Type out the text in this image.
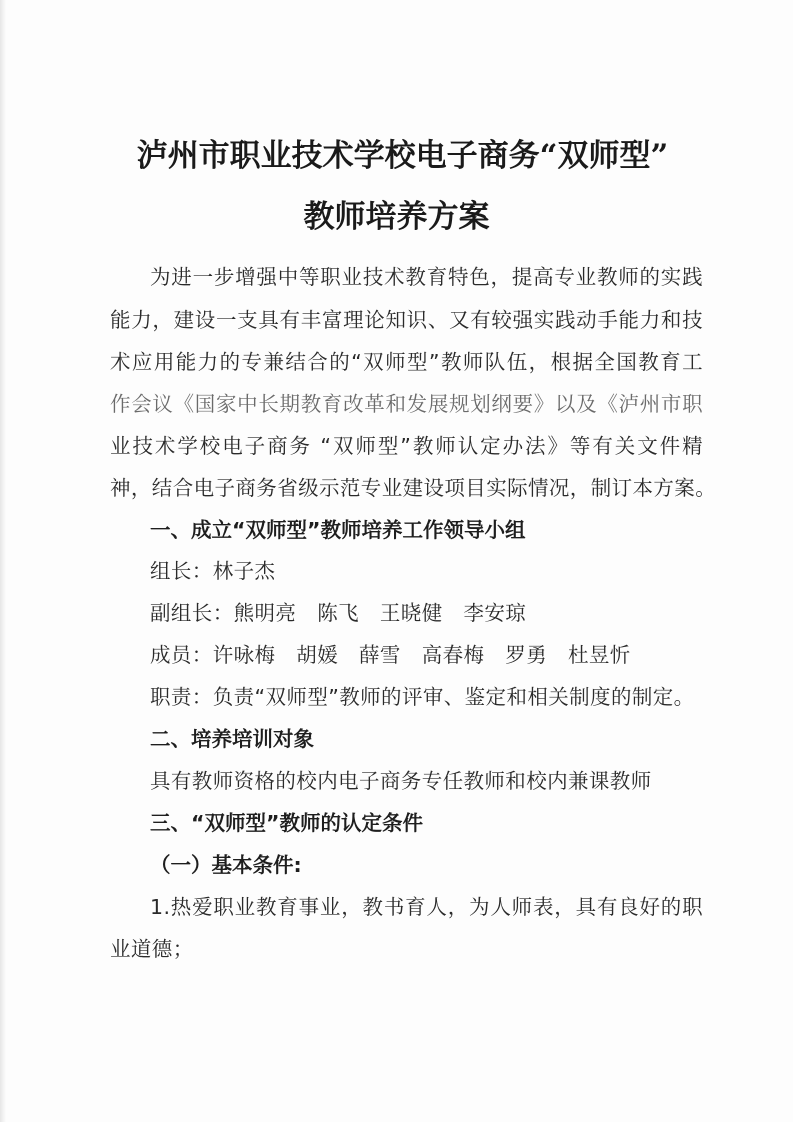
泸州市职业技术学校电子商务“双师型”
教师培养方案
为进一步增强中等职业技术教育特色，提高专业教师的实践
能力，建设一支具有丰富理论知识、又有较强实践动手能力和技
术应用能力的专兼结合的“双师型”教师队伍，根据全国教育工
作会议《国家中长期教育改革和发展规划纲要》以及《泸州市职
业技术学校电子商务 “双师型”教师认定办法》等有关文件精
神，结合电子商务省级示范专业建设项目实际情况，制订本方案。
一、成立“双师型”教师培养工作领导小组
组长：林子杰
副组长：熊明亮　陈飞　王晓健　李安琼
成员：许咏梅　胡媛　薛雪　高春梅　罗勇　杜昱忻
职责：负责“双师型”教师的评审、鉴定和相关制度的制定。
二、培养培训对象
具有教师资格的校内电子商务专任教师和校内兼课教师
三、“双师型”教师的认定条件
（一）基本条件:
1.热爱职业教育事业，教书育人，为人师表，具有良好的职
业道德；
